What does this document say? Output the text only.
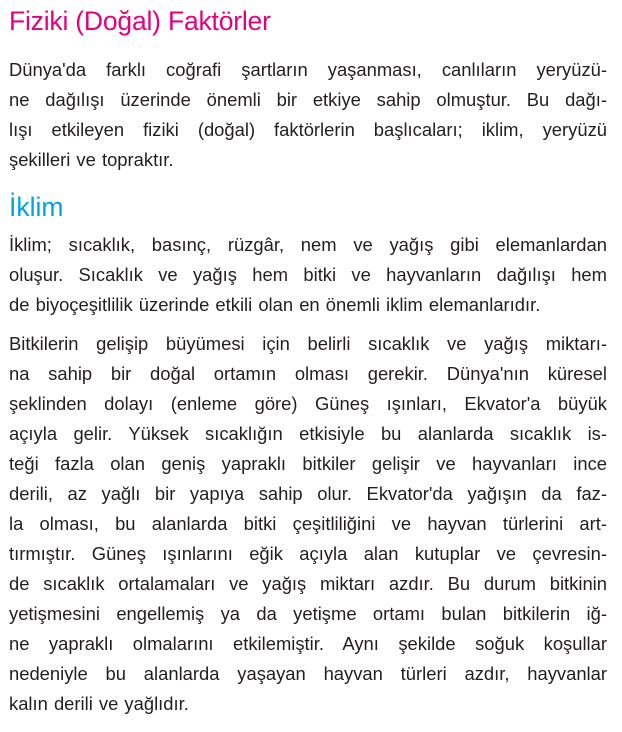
Fiziki (Doğal) Faktörler
Dünya'da farklı coğrafi şartların yaşanması, canlıların yeryüzü-
ne dağılışı üzerinde önemli bir etkiye sahip olmuştur. Bu dağı-
lışı etkileyen fiziki (doğal) faktörlerin başlıcaları; iklim, yeryüzü
şekilleri ve topraktır.
İklim
İklim; sıcaklık, basınç, rüzgâr, nem ve yağış gibi elemanlardan
oluşur. Sıcaklık ve yağış hem bitki ve hayvanların dağılışı hem
de biyoçeşitlilik üzerinde etkili olan en önemli iklim elemanlarıdır.
Bitkilerin gelişip büyümesi için belirli sıcaklık ve yağış miktarı-
na sahip bir doğal ortamın olması gerekir. Dünya'nın küresel
şeklinden dolayı (enleme göre) Güneş ışınları, Ekvator'a büyük
açıyla gelir. Yüksek sıcaklığın etkisiyle bu alanlarda sıcaklık is-
teği fazla olan geniş yapraklı bitkiler gelişir ve hayvanları ince
derili, az yağlı bir yapıya sahip olur. Ekvator'da yağışın da faz-
la olması, bu alanlarda bitki çeşitliliğini ve hayvan türlerini art-
tırmıştır. Güneş ışınlarını eğik açıyla alan kutuplar ve çevresin-
de sıcaklık ortalamaları ve yağış miktarı azdır. Bu durum bitkinin
yetişmesini engellemiş ya da yetişme ortamı bulan bitkilerin iğ-
ne yapraklı olmalarını etkilemiştir. Aynı şekilde soğuk koşullar
nedeniyle bu alanlarda yaşayan hayvan türleri azdır, hayvanlar
kalın derili ve yağlıdır.
